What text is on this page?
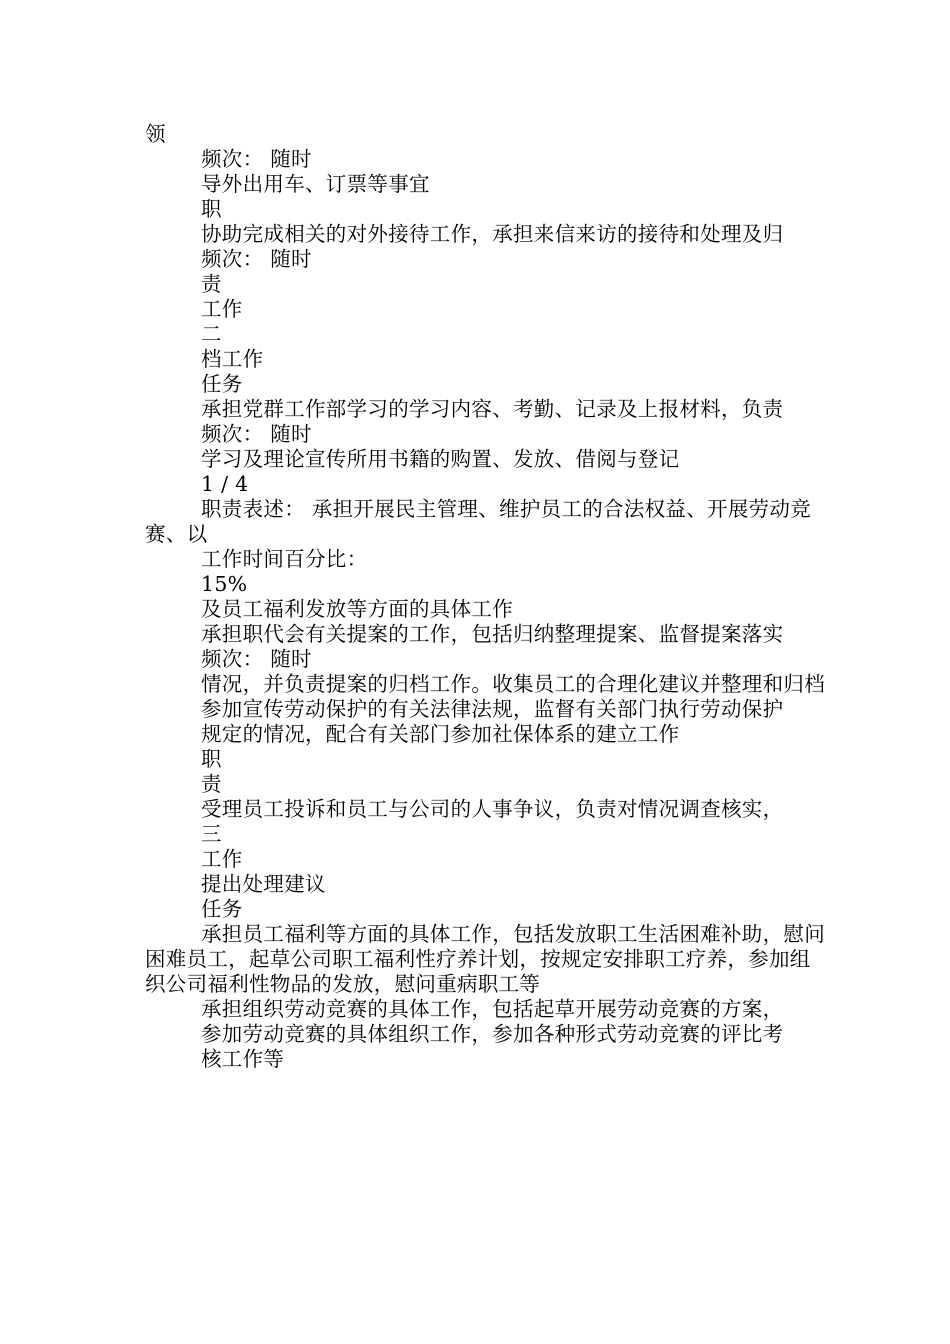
领

频次： 随时

导外出用车、订票等事宜

职

协助完成相关的对外接待工作，承担来信来访的接待和处理及归

频次： 随时

责

工作

二

档工作

任务

承担党群工作部学习的学习内容、考勤、记录及上报材料，负责

频次： 随时

学习及理论宣传所用书籍的购置、发放、借阅与登记

1 / 4

职责表述： 承担开展民主管理、维护员工的合法权益、开展劳动竞赛、以

工作时间百分比：

15%

及员工福利发放等方面的具体工作

承担职代会有关提案的工作，包括归纳整理提案、监督提案落实

频次： 随时

情况，并负责提案的归档工作。收集员工的合理化建议并整理和归档

参加宣传劳动保护的有关法律法规，监督有关部门执行劳动保护

规定的情况，配合有关部门参加社保体系的建立工作

职

责

受理员工投诉和员工与公司的人事争议，负责对情况调查核实，

三

工作

提出处理建议

任务

承担员工福利等方面的具体工作，包括发放职工生活困难补助，慰问困难员工，起草公司职工福利性疗养计划，按规定安排职工疗养，参加组织公司福利性物品的发放，慰问重病职工等

承担组织劳动竞赛的具体工作，包括起草开展劳动竞赛的方案，

参加劳动竞赛的具体组织工作，参加各种形式劳动竞赛的评比考

核工作等
